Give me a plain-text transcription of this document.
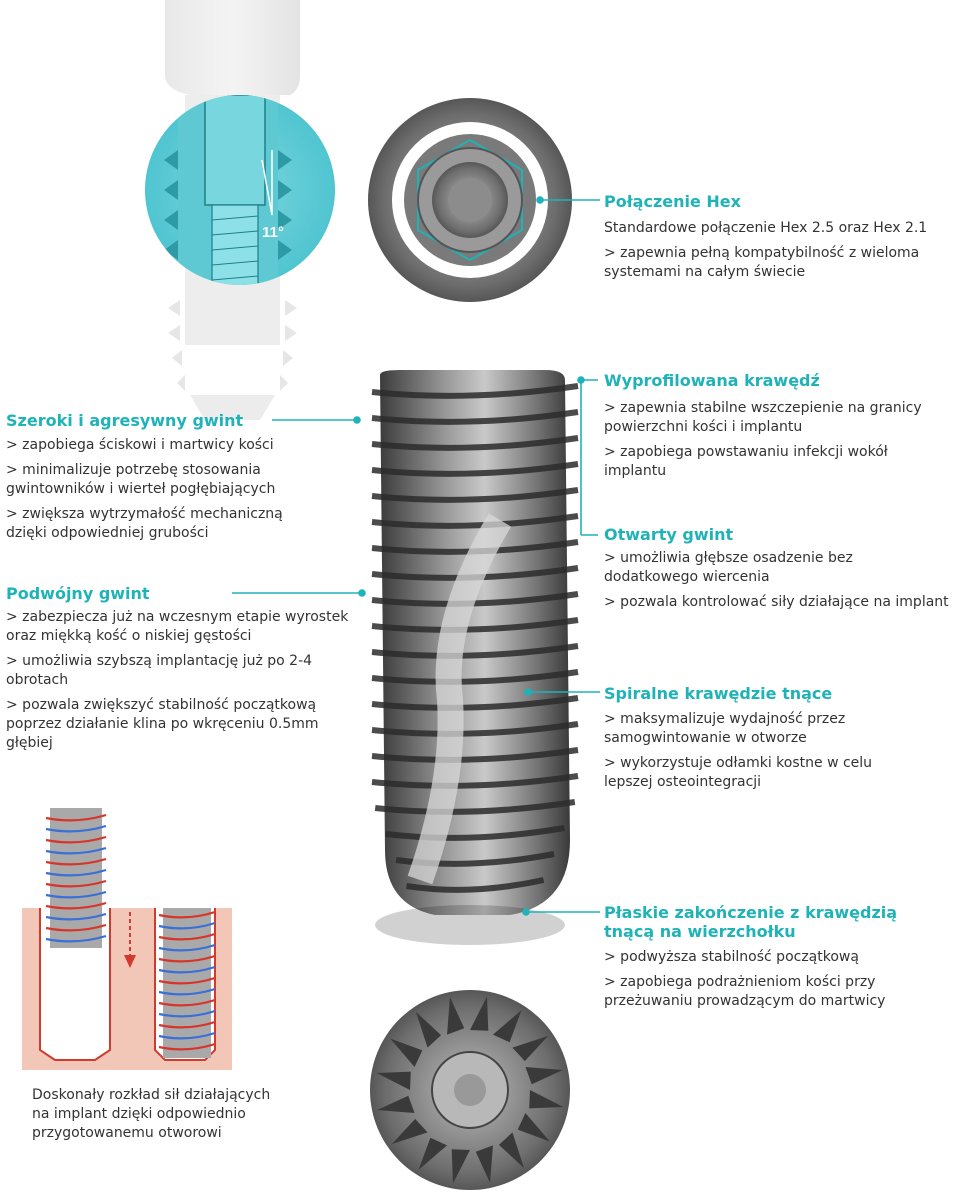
11°
Połączenie Hex

Standardowe połączenie Hex 2.5 oraz Hex 2.1

> zapewnia pełną kompatybilność z wieloma systemami na całym świecie

Wyprofilowana krawędź

> zapewnia stabilne wszczepienie na granicy powierzchni kości i implantu

> zapobiega powstawaniu infekcji wokół implantu

Szeroki i agresywny gwint

> zapobiega ściskowi i martwicy kości

> minimalizuje potrzebę stosowania gwintowników i wierteł pogłębiających

> zwiększa wytrzymałość mechaniczną dzięki odpowiedniej grubości	Otwarty gwint

> umożliwia głębsze osadzenie bez dodatkowego wiercenia

> pozwala kontrolować siły działające na implant

Podwójny gwint

> zabezpiecza już na wczesnym etapie wyrostek oraz miękką kość o niskiej gęstości

> umożliwia szybszą implantację już po 2-4 obrotach

> pozwala zwiększyć stabilność początkową poprzez działanie klina po wkręceniu 0.5mm głębiej

Spiralne krawędzie tnące

> maksymalizuje wydajność przez samogwintowanie w otworze

> wykorzystuje odłamki kostne w celu lepszej osteointegracji

Płaskie zakończenie z krawędzią tnącą na wierzchołku

> podwyższa stabilność początkową

> zapobiega podrażnieniom kości przy przeżuwaniu prowadzącym do martwicy

Doskonały rozkład sił działających na implant dzięki odpowiednio przygotowanemu otworowi
